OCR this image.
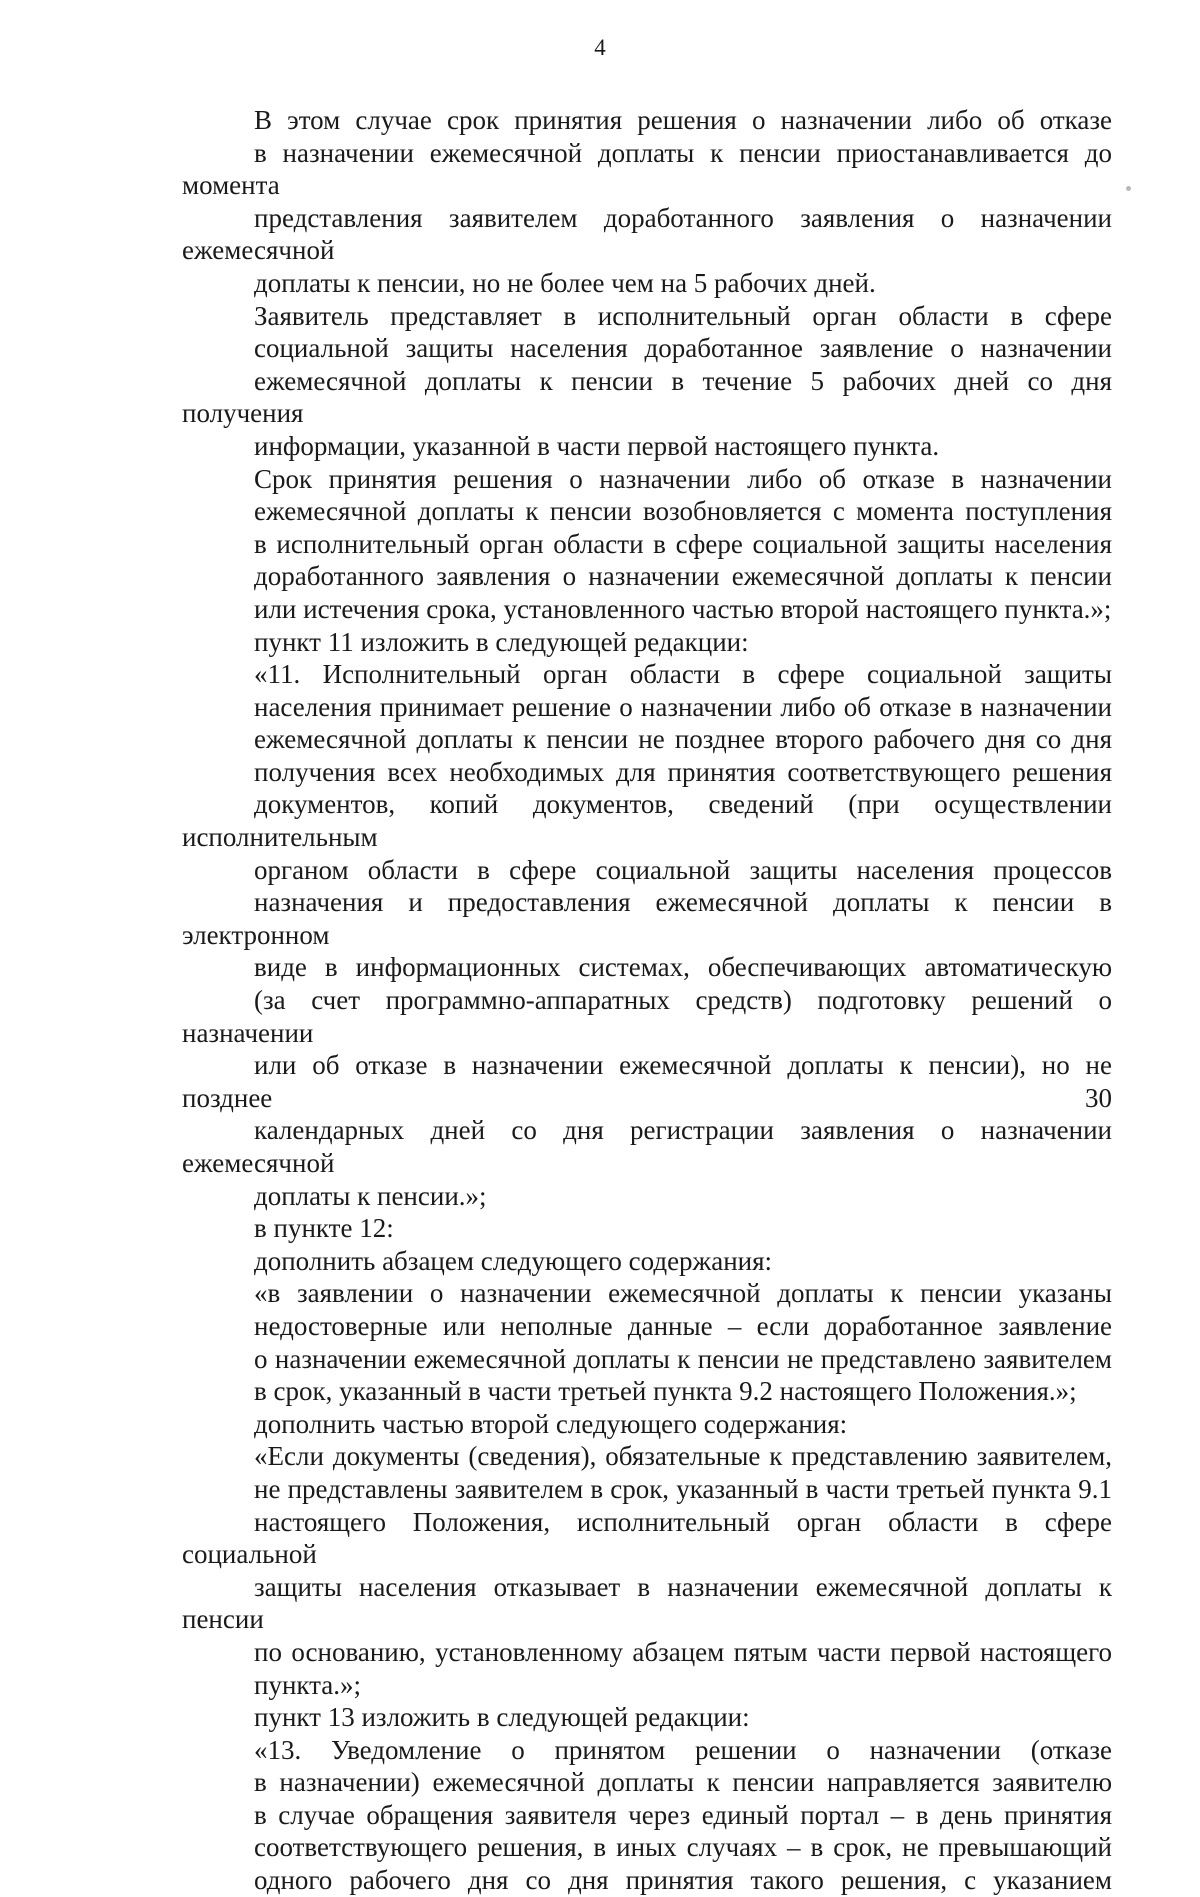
4
В этом случае срок принятия решения о назначении либо об отказе
в назначении ежемесячной доплаты к пенсии приостанавливается до момента
представления заявителем доработанного заявления о назначении ежемесячной
доплаты к пенсии, но не более чем на 5 рабочих дней.
Заявитель представляет в исполнительный орган области в сфере
социальной защиты населения доработанное заявление о назначении
ежемесячной доплаты к пенсии в течение 5 рабочих дней со дня получения
информации, указанной в части первой настоящего пункта.
Срок принятия решения о назначении либо об отказе в назначении
ежемесячной доплаты к пенсии возобновляется с момента поступления
в исполнительный орган области в сфере социальной защиты населения
доработанного заявления о назначении ежемесячной доплаты к пенсии
или истечения срока, установленного частью второй настоящего пункта.»;
пункт 11 изложить в следующей редакции:
«11. Исполнительный орган области в сфере социальной защиты
населения принимает решение о назначении либо об отказе в назначении
ежемесячной доплаты к пенсии не позднее второго рабочего дня со дня
получения всех необходимых для принятия соответствующего решения
документов, копий документов, сведений (при осуществлении исполнительным
органом области в сфере социальной защиты населения процессов
назначения и предоставления ежемесячной доплаты к пенсии в электронном
виде в информационных системах, обеспечивающих автоматическую
(за счет программно-аппаратных средств) подготовку решений о назначении
или об отказе в назначении ежемесячной доплаты к пенсии), но не позднее 30
календарных дней со дня регистрации заявления о назначении ежемесячной
доплаты к пенсии.»;
в пункте 12:
дополнить абзацем следующего содержания:
«в заявлении о назначении ежемесячной доплаты к пенсии указаны
недостоверные или неполные данные – если доработанное заявление
о назначении ежемесячной доплаты к пенсии не представлено заявителем
в срок, указанный в части третьей пункта 9.2 настоящего Положения.»;
дополнить частью второй следующего содержания:
«Если документы (сведения), обязательные к представлению заявителем,
не представлены заявителем в срок, указанный в части третьей пункта 9.1
настоящего Положения, исполнительный орган области в сфере социальной
защиты населения отказывает в назначении ежемесячной доплаты к пенсии
по основанию, установленному абзацем пятым части первой настоящего
пункта.»;
пункт 13 изложить в следующей редакции:
«13. Уведомление о принятом решении о назначении (отказе
в назначении) ежемесячной доплаты к пенсии направляется заявителю
в случае обращения заявителя через единый портал – в день принятия
соответствующего решения, в иных случаях – в срок, не превышающий
одного рабочего дня со дня принятия такого решения, с указанием
